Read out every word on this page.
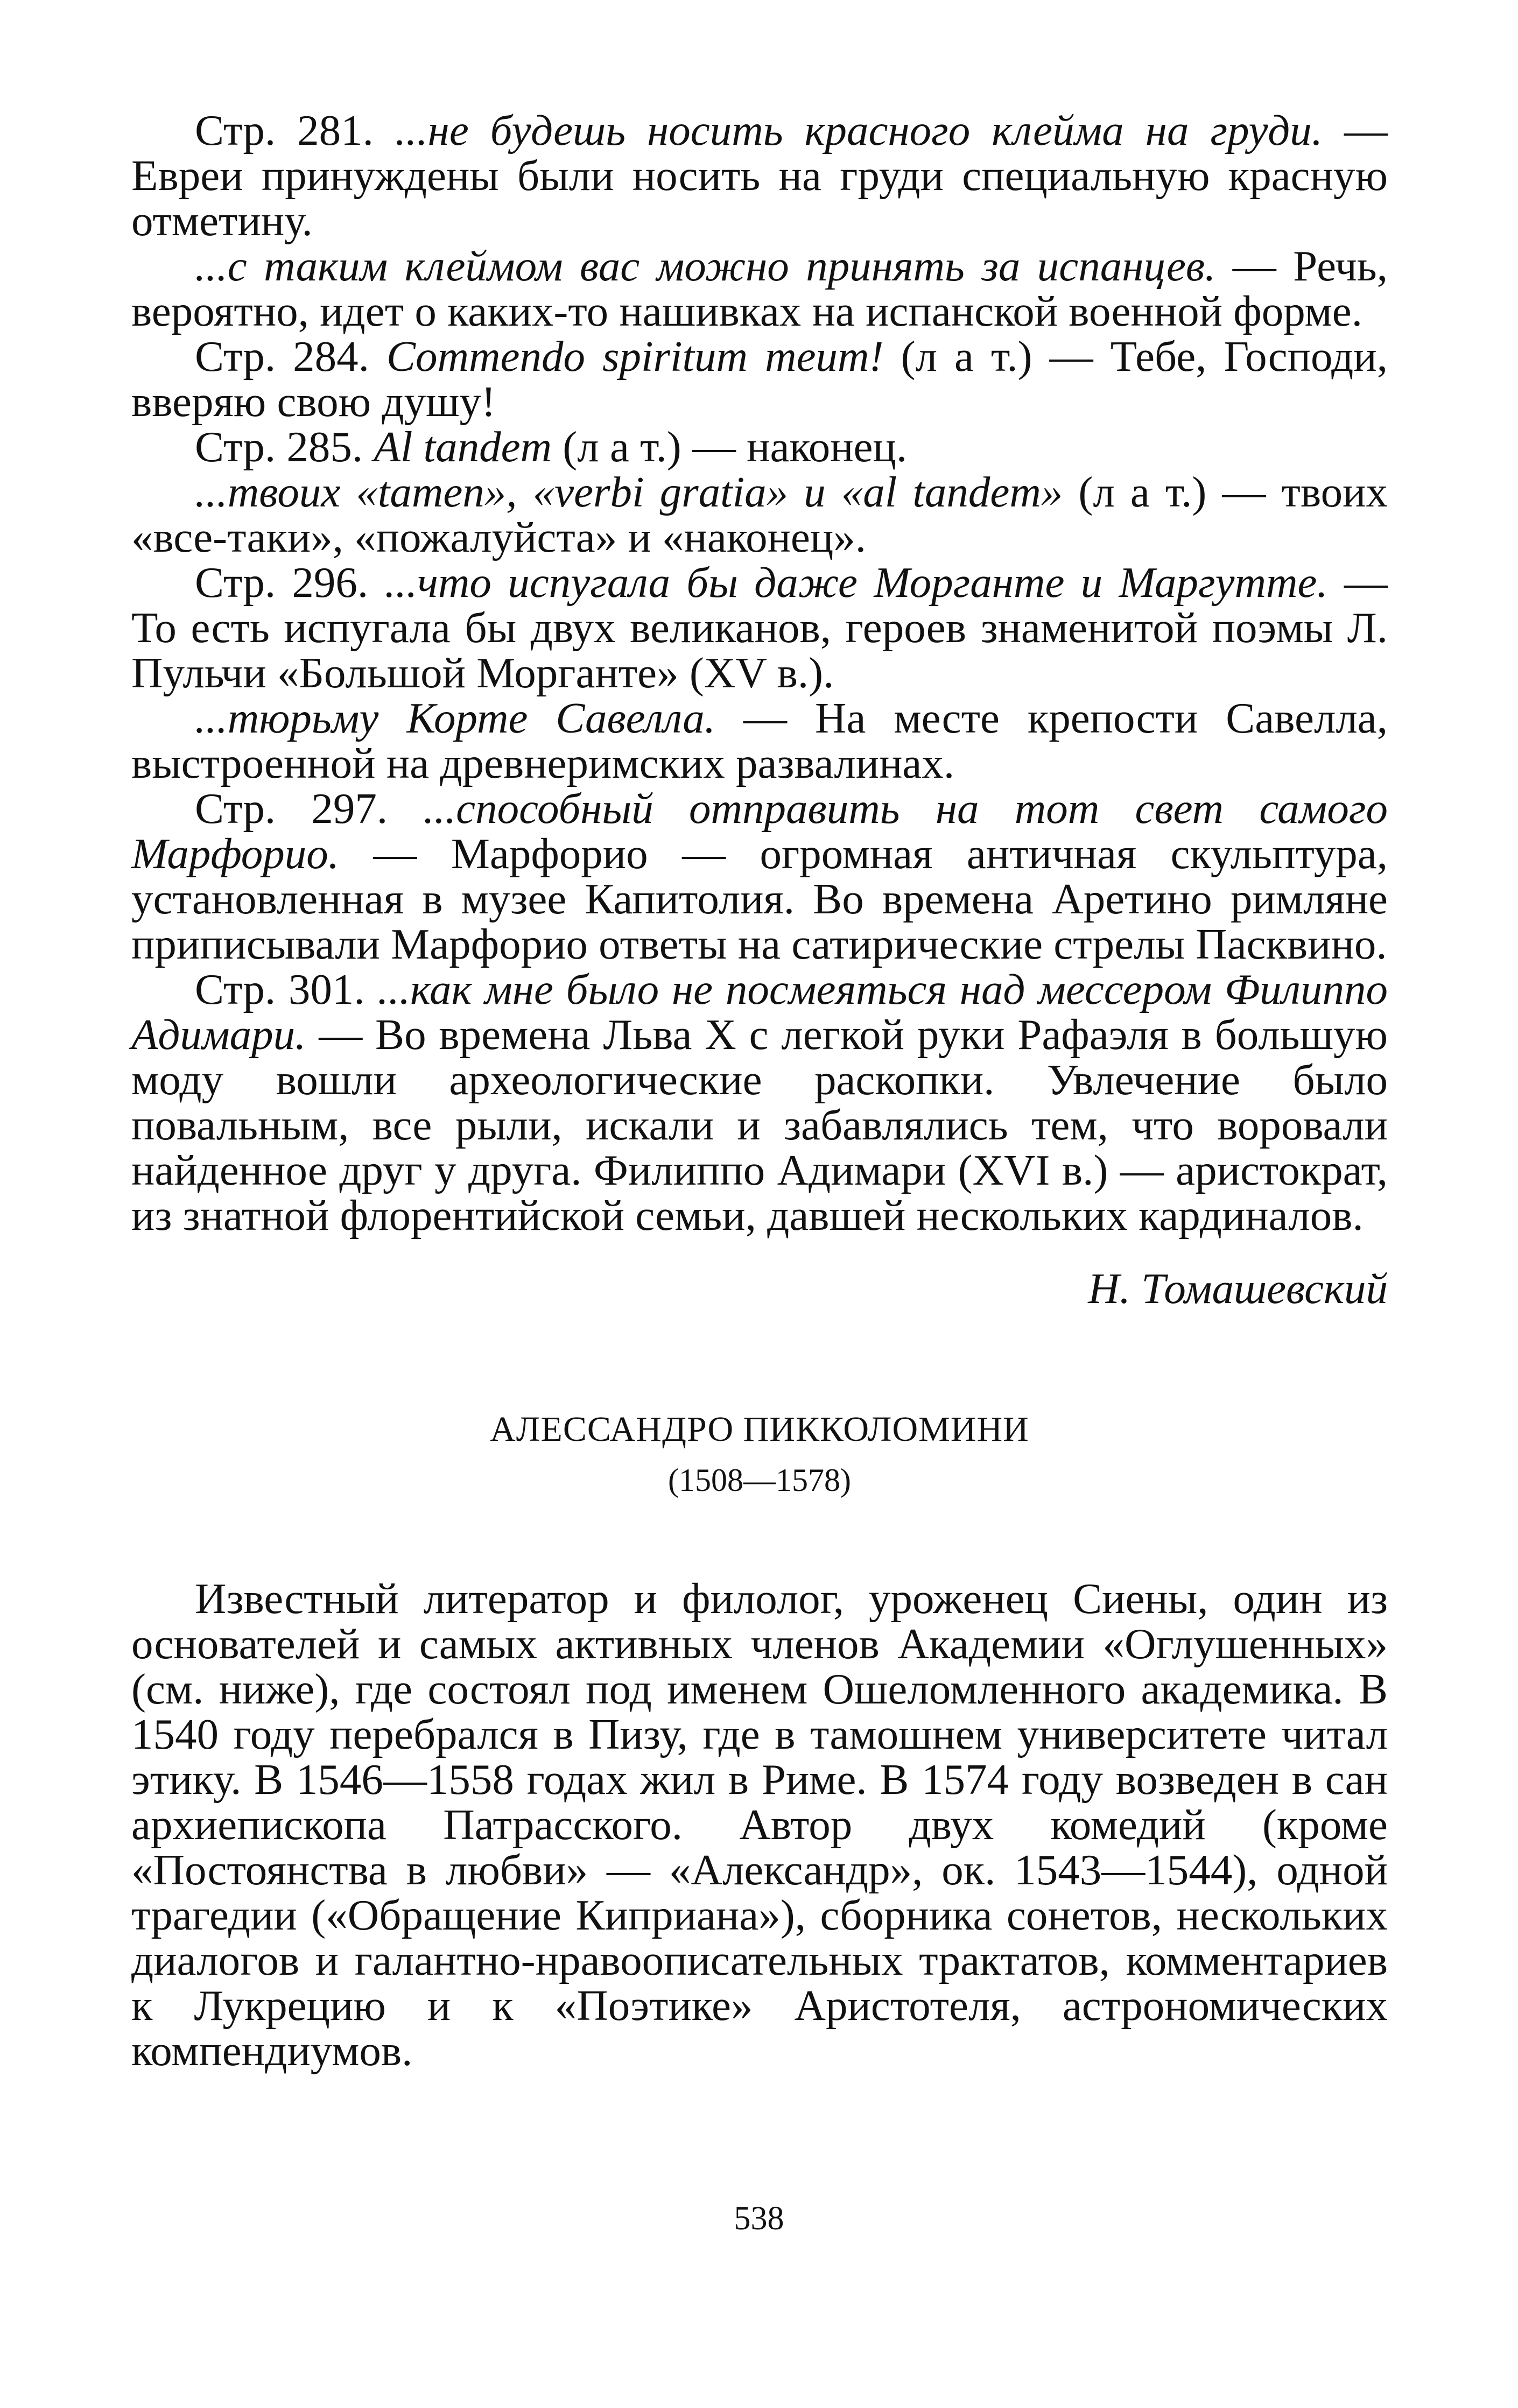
Стр. 281. ...не будешь носить красного клейма на груди. — Евреи принуждены были носить на груди специальную красную отметину.

...с таким клеймом вас можно принять за испанцев. — Речь, вероятно, идет о каких-то нашивках на испанской военной форме.

Стр. 284. Commendo spiritum meum! (л а т.) — Тебе, Господи, вверяю свою душу!

Стр. 285. Al tandem (л а т.) — наконец.

...твоих «tamen», «verbi gratia» и «al tandem» (л а т.) — твоих «все-таки», «пожалуйста» и «наконец».

Стр. 296. ...что испугала бы даже Морганте и Маргутте. — То есть испугала бы двух великанов, героев знаменитой поэмы Л. Пульчи «Большой Морганте» (XV в.).

...тюрьму Корте Савелла. — На месте крепости Савелла, выстроенной на древнеримских развалинах.

Стр. 297. ...способный отправить на тот свет самого Марфорио. — Марфорио — огромная античная скульптура, установленная в музее Капитолия. Во времена Аретино римляне приписывали Марфорио ответы на сатирические стрелы Пасквино.

Стр. 301. ...как мне было не посмеяться над мессером Филиппо Адимари. — Во времена Льва X с легкой руки Рафаэля в большую моду вошли археологические раскопки. Увлечение было повальным, все рыли, искали и забавлялись тем, что воровали найденное друг у друга. Филиппо Адимари (XVI в.) — аристократ, из знатной флорентийской семьи, давшей нескольких кардиналов.

Н. Томашевский
АЛЕССАНДРО ПИККОЛОМИНИ
(1508—1578)

Известный литератор и филолог, уроженец Сиены, один из основателей и самых активных членов Академии «Оглушенных» (см. ниже), где состоял под именем Ошеломленного академика. В 1540 году перебрался в Пизу, где в тамошнем университете читал этику. В 1546—1558 годах жил в Риме. В 1574 году возведен в сан архиепископа Патрасского. Автор двух комедий (кроме «Постоянства в любви» — «Александр», ок. 1543—1544), одной трагедии («Обращение Киприана»), сборника сонетов, нескольких диалогов и галантно-нравоописательных трактатов, комментариев к Лукрецию и к «Поэтике» Аристотеля, астрономических компендиумов.

538
